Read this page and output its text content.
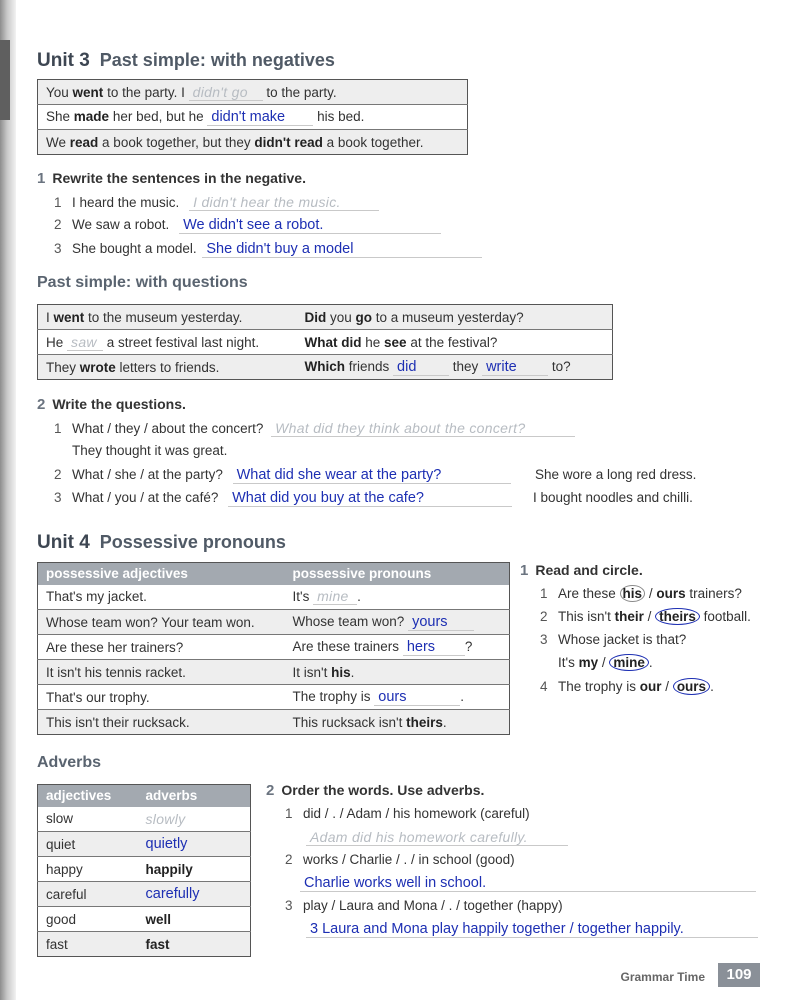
Unit 3 Past simple: with negatives
You went to the party. I didn't go to the party.
She made her bed, but he didn't make his bed.
We read a book together, but they didn't read a book together.
1 Rewrite the sentences in the negative.
1 I heard the music. I didn't hear the music.
2 We saw a robot. We didn't see a robot.
3 She bought a model. She didn't buy a model
Past simple: with questions
I went to the museum yesterday.	Did you go to a museum yesterday?
He saw a street festival last night.	What did he see at the festival?
They wrote letters to friends.	Which friends did they write to?
2 Write the questions.
1 What / they / about the concert? What did they think about the concert?
They thought it was great.
2 What / she / at the party? What did she wear at the party?	She wore a long red dress.
3 What / you / at the café? What did you buy at the cafe?	I bought noodles and chilli.
Unit 4 Possessive pronouns
possessive adjectives	possessive pronouns
That's my jacket.	It's mine .
Whose team won? Your team won.	Whose team won? yours
Are these her trainers?	Are these trainers hers ?
It isn't his tennis racket.	It isn't his.
That's our trophy.	The trophy is ours .
This isn't their rucksack.	This rucksack isn't theirs.
1 Read and circle.
1 Are these his / ours trainers?
2 This isn't their / theirs football.
3 Whose jacket is that?
It's my / mine .
4 The trophy is our / ours .
Adverbs
adjectives	adverbs
slow	slowly
quiet	quietly
happy	happily
careful	carefully
good	well
fast	fast
2 Order the words. Use adverbs.
1 did / . / Adam / his homework (careful)
Adam did his homework carefully.
2 works / Charlie / . / in school (good)
Charlie works well in school.
3 play / Laura and Mona / . / together (happy)
3 Laura and Mona play happily together / together happily.
Grammar Time	109
